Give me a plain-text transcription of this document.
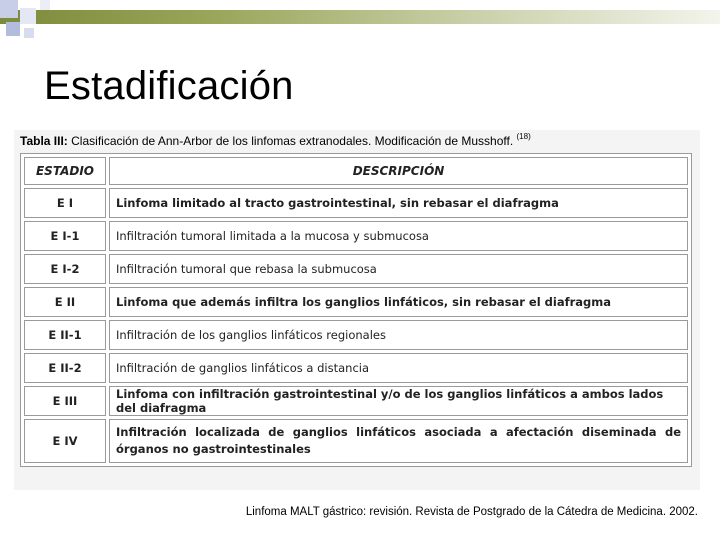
Estadificación
Tabla III: Clasificación de Ann-Arbor de los linfomas extranodales. Modificación de Musshoff. $^{(18)}$
ESTADIO	DESCRIPCIÓN
E I	Linfoma limitado al tracto gastrointestinal, sin rebasar el diafragma
E I-1	Infiltración tumoral limitada a la mucosa y submucosa
E I-2	Infiltración tumoral que rebasa la submucosa
E II	Linfoma que además infiltra los ganglios linfáticos, sin rebasar el diafragma
E II-1	Infiltración de los ganglios linfáticos regionales
E II-2	Infiltración de ganglios linfáticos a distancia
E III	Linfoma con infiltración gastrointestinal y/o de los ganglios linfáticos a ambos lados del diafragma
E IV	Infiltración localizada de ganglios linfáticos asociada a afectación diseminada de órganos no gastrointestinales
Linfoma MALT gástrico: revisión. Revista de Postgrado de la Cátedra de Medicina. 2002.
